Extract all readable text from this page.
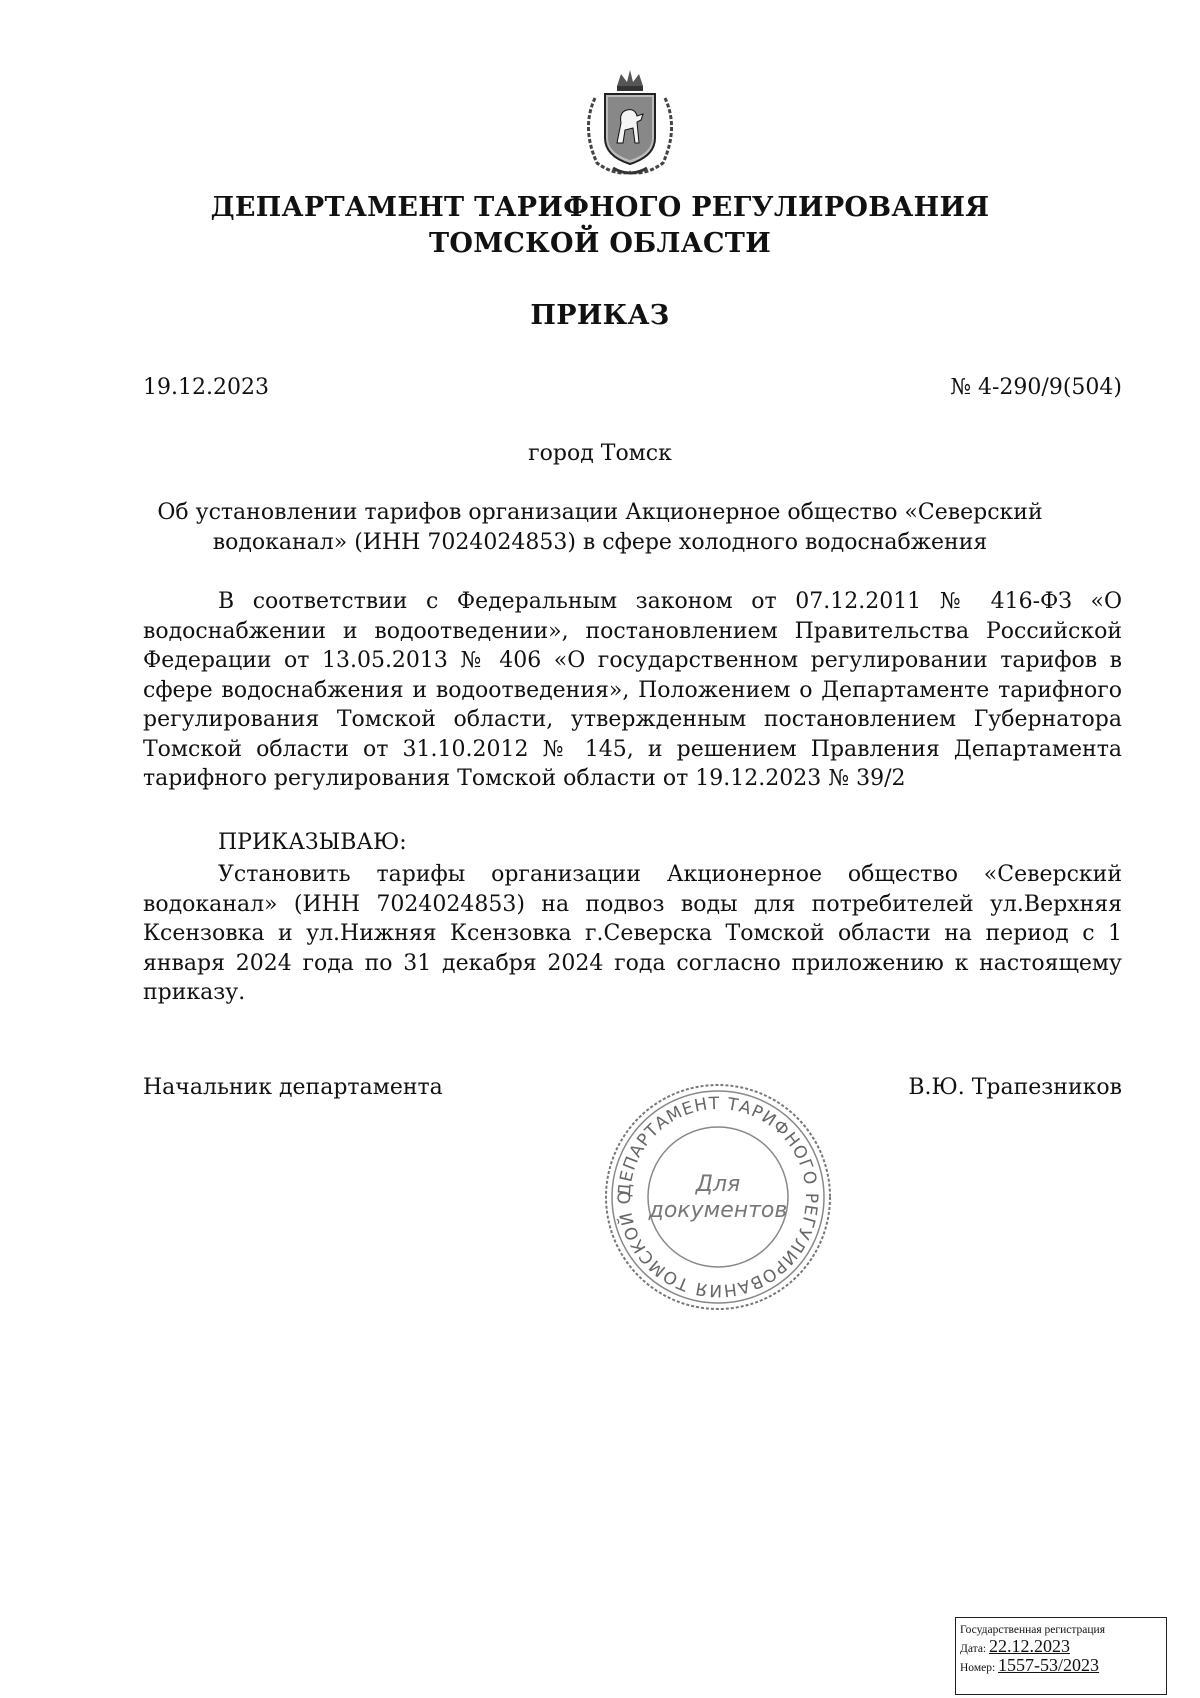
ДЕПАРТАМЕНТ ТАРИФНОГО РЕГУЛИРОВАНИЯ
ТОМСКОЙ ОБЛАСТИ
ПРИКАЗ
19.12.2023	№ 4-290/9(504)
город Томск
Об установлении тарифов организации Акционерное общество «Северский
водоканал» (ИНН 7024024853) в сфере холодного водоснабжения
В соответствии с Федеральным законом от 07.12.2011 № 416-ФЗ «О водоснабжении и водоотведении», постановлением Правительства Российской Федерации от 13.05.2013 № 406 «О государственном регулировании тарифов в сфере водоснабжения и водоотведения», Положением о Департаменте тарифного регулирования Томской области, утвержденным постановлением Губернатора Томской области от 31.10.2012 № 145, и решением Правления Департамента тарифного регулирования Томской области от 19.12.2023 № 39/2
ПРИКАЗЫВАЮ:
Установить тарифы организации Акционерное общество «Северский водоканал» (ИНН 7024024853) на подвоз воды для потребителей ул.Верхняя Ксензовка и ул.Нижняя Ксензовка г.Северска Томской области на период с 1 января 2024 года по 31 декабря 2024 года согласно приложению к настоящему приказу.
Начальник департамента	В.Ю. Трапезников
ДЕПАРТАМЕНТ ТАРИФНОГО РЕГУЛИРОВАНИЯ ТОМСКОЙ О
Для
документов
Государственная регистрация
Дата: 22.12.2023
Номер: 1557-53/2023
